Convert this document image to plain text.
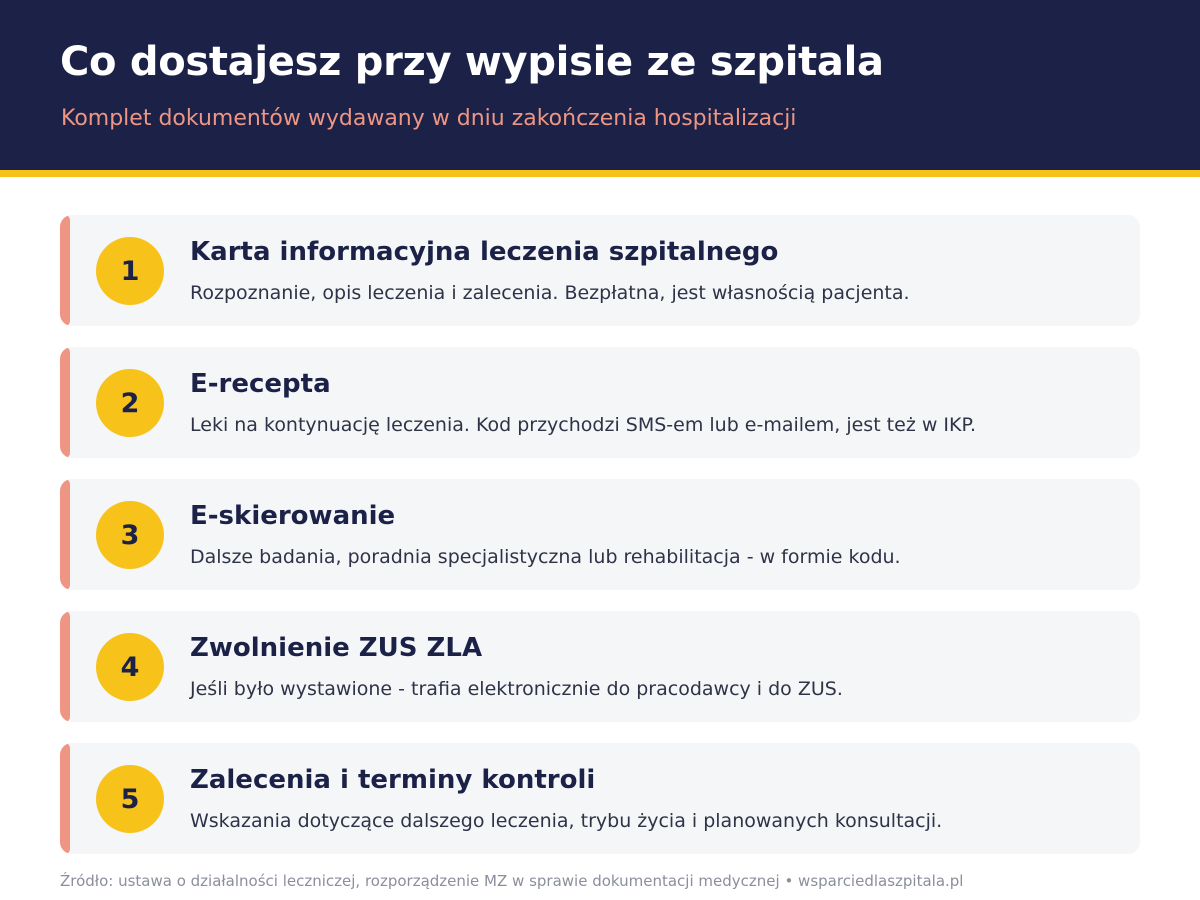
Co dostajesz przy wypisie ze szpitala

Komplet dokumentów wydawany w dniu zakończenia hospitalizacji

1
Karta informacyjna leczenia szpitalnego
Rozpoznanie, opis leczenia i zalecenia. Bezpłatna, jest własnością pacjenta.
2
E-recepta
Leki na kontynuację leczenia. Kod przychodzi SMS-em lub e-mailem, jest też w IKP.
3
E-skierowanie
Dalsze badania, poradnia specjalistyczna lub rehabilitacja - w formie kodu.
4
Zwolnienie ZUS ZLA
Jeśli było wystawione - trafia elektronicznie do pracodawcy i do ZUS.
5
Zalecenia i terminy kontroli
Wskazania dotyczące dalszego leczenia, trybu życia i planowanych konsultacji.
Źródło: ustawa o działalności leczniczej, rozporządzenie MZ w sprawie dokumentacji medycznej • wsparciedlaszpitala.pl
